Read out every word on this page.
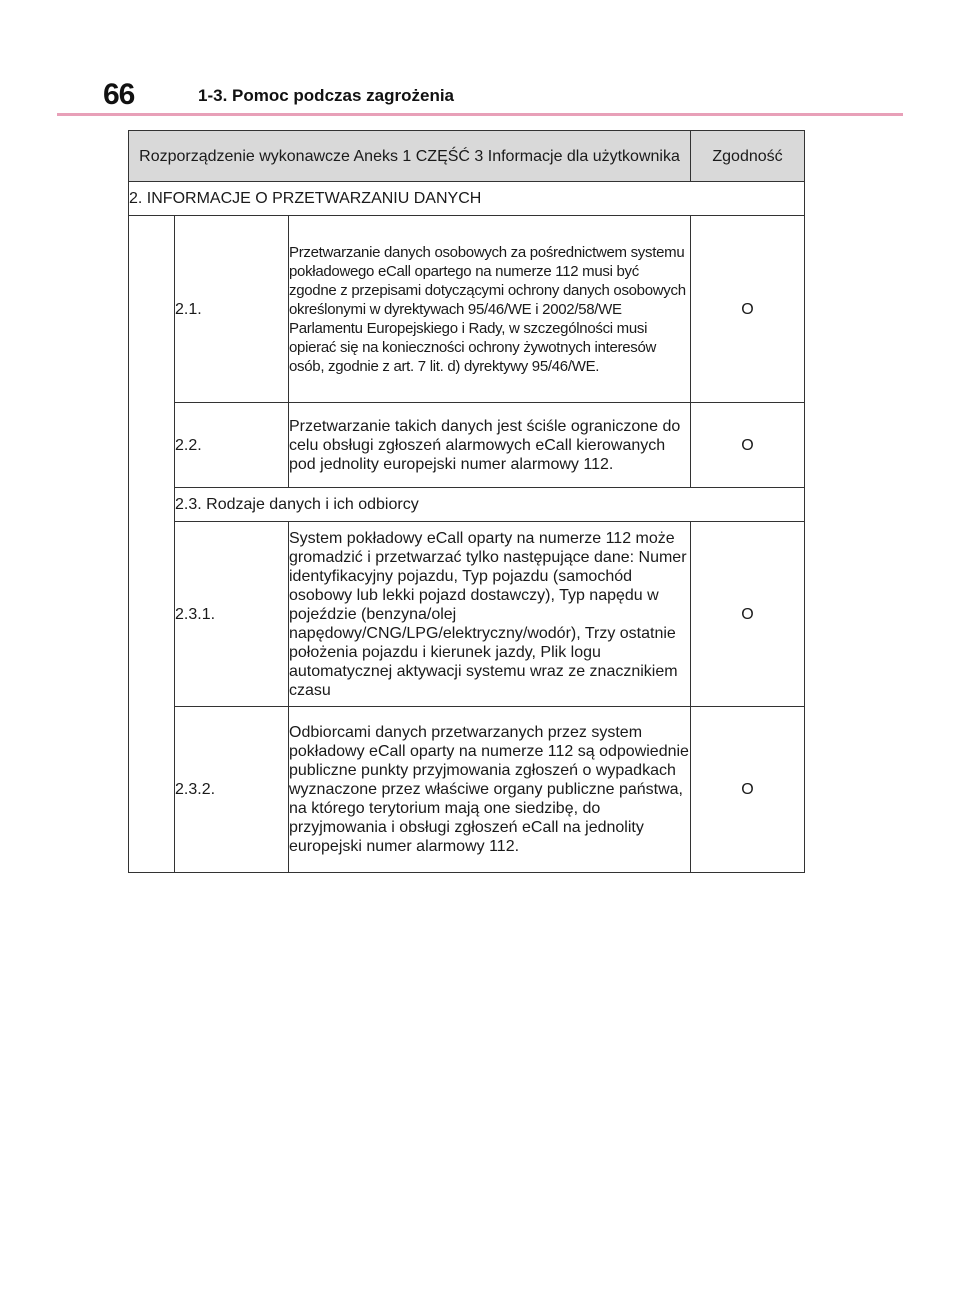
66	1-3. Pomoc podczas zagrożenia
Rozporządzenie wykonawcze Aneks 1 CZĘŚĆ 3 Informacje dla użytkownika			Zgodność
2. INFORMACJE O PRZETWARZANIU DANYCH			
	2.1.	Przetwarzanie danych osobowych za pośrednictwem systemu pokładowego eCall opartego na numerze 112 musi być zgodne z przepisami dotyczącymi ochrony danych osobowych określonymi w dyrektywach 95/46/WE i 2002/58/WE Parlamentu Europejskiego i Rady, w szczególności musi opierać się na konieczności ochrony żywotnych interesów osób, zgodnie z art. 7 lit. d) dyrektywy 95/46/WE.	O
	2.2.	Przetwarzanie takich danych jest ściśle ograniczone do celu obsługi zgłoszeń alarmowych eCall kierowanych pod jednolity europejski numer alarmowy 112.	O
	2.3. Rodzaje danych i ich odbiorcy		
	2.3.1.	System pokładowy eCall oparty na numerze 112 może gromadzić i przetwarzać tylko następujące dane: Numer identyfikacyjny pojazdu, Typ pojazdu (samochód osobowy lub lekki pojazd dostawczy), Typ napędu w pojeździe (benzyna/olej napędowy/CNG/LPG/elektryczny/wodór), Trzy ostatnie położenia pojazdu i kierunek jazdy, Plik logu automatycznej aktywacji systemu wraz ze znacznikiem czasu	O
	2.3.2.	Odbiorcami danych przetwarzanych przez system pokładowy eCall oparty na numerze 112 są odpowiednie publiczne punkty przyjmowania zgłoszeń o wypadkach wyznaczone przez właściwe organy publiczne państwa, na którego terytorium mają one siedzibę, do przyjmowania i obsługi zgłoszeń eCall na jednolity europejski numer alarmowy 112.	O
